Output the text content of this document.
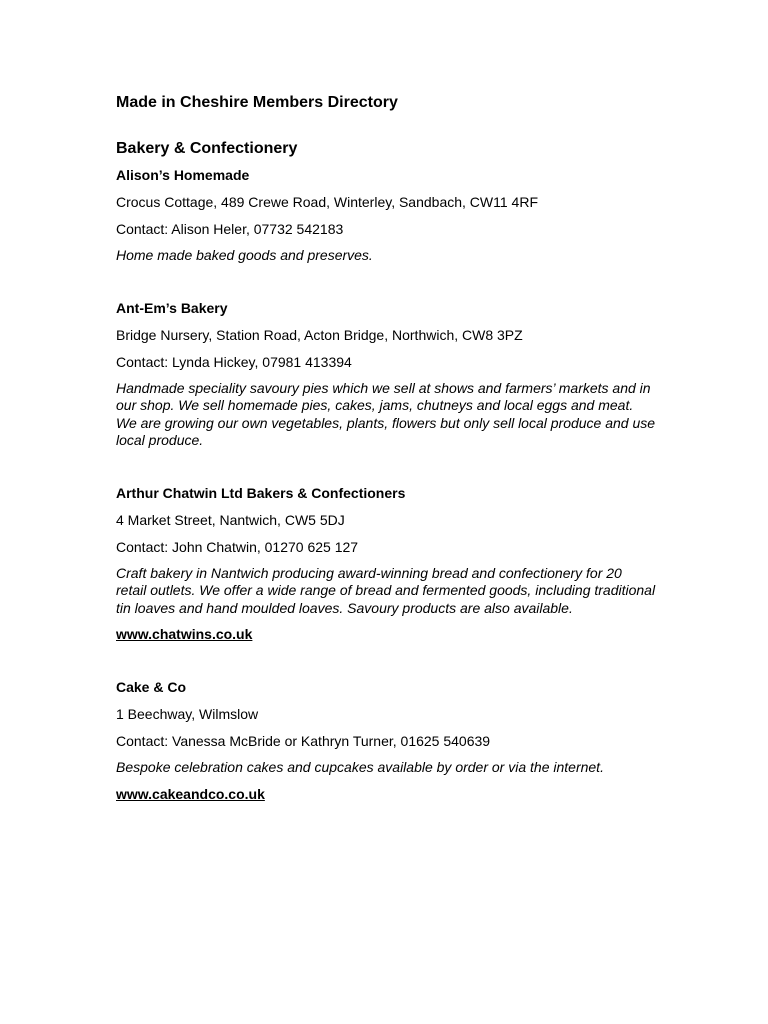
Made in Cheshire Members Directory
Bakery & Confectionery

Alison’s Homemade

Crocus Cottage, 489 Crewe Road, Winterley, Sandbach, CW11 4RF

Contact: Alison Heler, 07732 542183

Home made baked goods and preserves.

Ant-Em’s Bakery

Bridge Nursery, Station Road, Acton Bridge, Northwich, CW8 3PZ

Contact: Lynda Hickey, 07981 413394

Handmade speciality savoury pies which we sell at shows and farmers’ markets and in our shop. We sell homemade pies, cakes, jams, chutneys and local eggs and meat. We are growing our own vegetables, plants, flowers but only sell local produce and use local produce.

Arthur Chatwin Ltd Bakers & Confectioners

4 Market Street, Nantwich, CW5 5DJ

Contact: John Chatwin, 01270 625 127

Craft bakery in Nantwich producing award-winning bread and confectionery for 20 retail outlets. We offer a wide range of bread and fermented goods, including traditional tin loaves and hand moulded loaves. Savoury products are also available.

www.chatwins.co.uk

Cake & Co

1 Beechway, Wilmslow

Contact: Vanessa McBride or Kathryn Turner, 01625 540639

Bespoke celebration cakes and cupcakes available by order or via the internet.

www.cakeandco.co.uk
